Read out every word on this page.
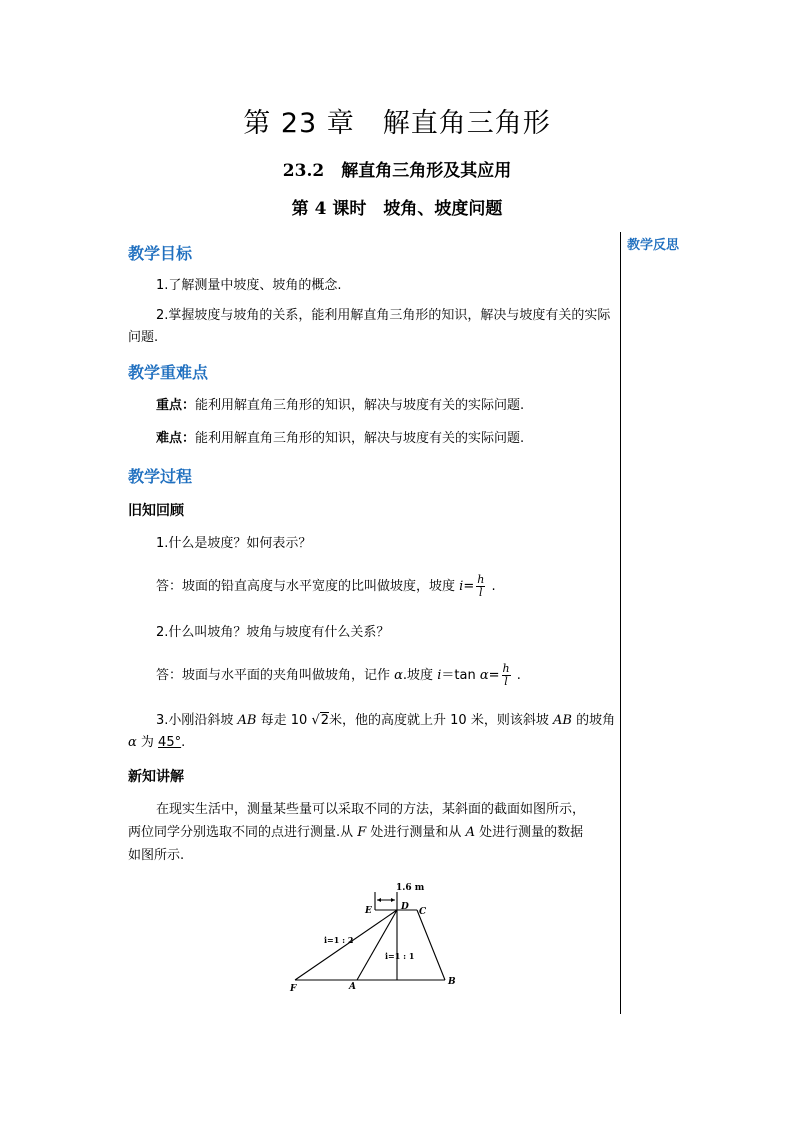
第 23 章　解直角三角形
23.2　解直角三角形及其应用
第 4 课时　坡角、坡度问题
教学反思
教学目标
1.了解测量中坡度、坡角的概念.
2.掌握坡度与坡角的关系，能利用解直角三角形的知识，解决与坡度有关的实际问题.
教学重难点
重点：能利用解直角三角形的知识，解决与坡度有关的实际问题.
难点：能利用解直角三角形的知识，解决与坡度有关的实际问题.
教学过程
旧知回顾
1.什么是坡度？如何表示？
答：坡面的铅直高度与水平宽度的比叫做坡度，坡度 $i= \frac{h}{l}$ .
2.什么叫坡角？坡角与坡度有什么关系？
答：坡面与水平面的夹角叫做坡角，记作 α.坡度 i＝tan $\alpha= \frac{h}{l}$ .
3.小刚沿斜坡 AB 每走 10 √2米，他的高度就上升 10 米，则该斜坡 AB 的坡角α 为 45°.
新知讲解
在现实生活中，测量某些量可以采取不同的方法，某斜面的截面如图所示，
两位同学分别选取不同的点进行测量.从 F 处进行测量和从 A 处进行测量的数据
如图所示.
1.6 m
E	D C
F	A	B
i=1 : 2
i=1 : 1
